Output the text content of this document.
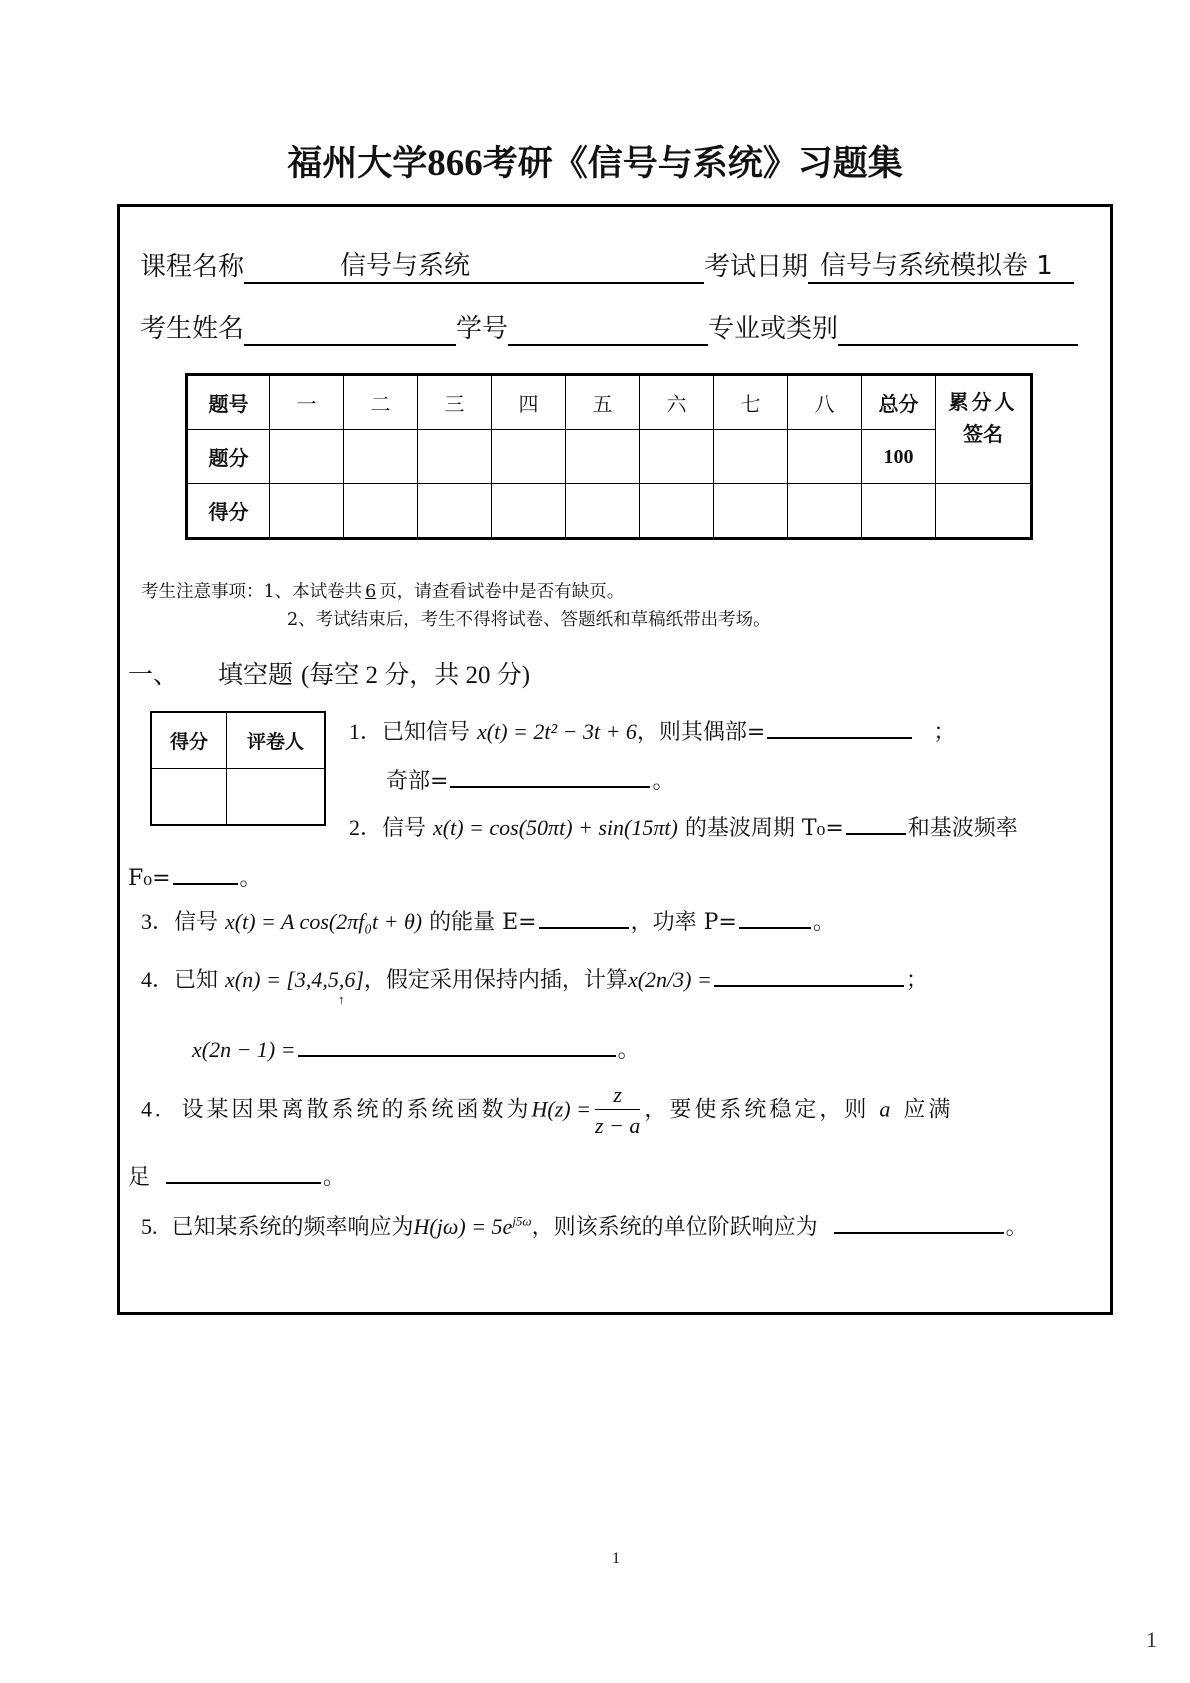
福州大学866考研《信号与系统》习题集
课程名称	信号与系统	考试日期 信号与系统模拟卷 1
考生姓名	学号	专业或类别
题号	一	二	三	四	五	六	七	八	总分	累分人
签名
题分									100	
得分										
考生注意事项：1、本试卷共 6 页，请查看试卷中是否有缺页。
2、考试结束后，考生不得将试卷、答题纸和草稿纸带出考场。
一、 填空题 (每空 2 分，共 20 分)
得分	评卷人
	1．已知信号 x(t) = 2t² − 3t + 6，则其偶部=	；
奇部=	。
2．信号 x(t) = cos(50πt) + sin(15πt) 的基波周期 T₀=	和基波频率
F₀=	。
3．信号 x(t) = A cos(2πf₀t + θ) 的能量 E=	，功率 P=	。
4．已知 x(n) = [3,4,5,6]，假定采用保持内插，计算x(2n/3) =	；
↑
x(2n − 1) =	。
4. 设某因果离散系统的系统函数为$H(z) = \frac{z}{z - a}$ ，要使系统稳定，则 a 应满
足	。
5. 已知某系统的频率响应为$H(j\omega) = 5e^{j5\omega}$，则该系统的单位阶跃响应为	。
1
1
